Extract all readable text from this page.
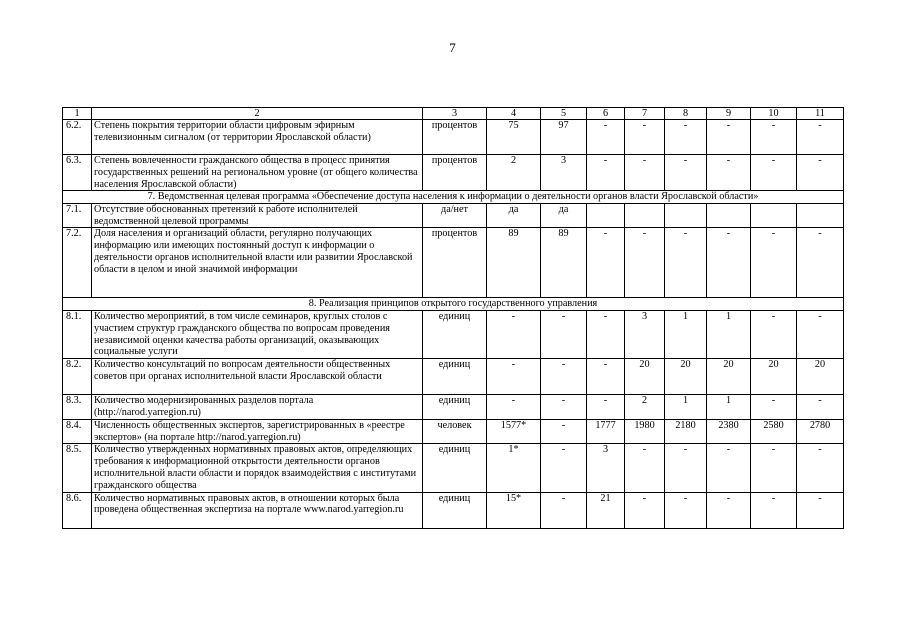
7
1	2	3	4	5	6	7	8	9	10	11
6.2.	Степень покрытия территории области цифровым эфирным телевизионным сигналом (от территории Ярославской области)	процентов	75	97	-	-	-	-	-	-
6.3.	Степень вовлеченности гражданского общества в процесс принятия государственных решений на региональном уровне (от общего количества населения Ярославской области)	процентов	2	3	-	-	-	-	-	-
7. Ведомственная целевая программа «Обеспечение доступа населения к информации о деятельности органов власти Ярославской области»										
7.1.	Отсутствие обоснованных претензий к работе исполнителей ведомственной целевой программы	да/нет	да	да						
7.2.	Доля населения и организаций области, регулярно получающих информацию или имеющих постоянный доступ к информации о деятельности органов исполнительной власти или развитии Ярославской области в целом и иной значимой информации	процентов	89	89	-	-	-	-	-	-
8. Реализация принципов открытого государственного управления										
8.1.	Количество мероприятий, в том числе семинаров, круглых столов с участием структур гражданского общества по вопросам проведения независимой оценки качества работы организаций, оказывающих социальные услуги	единиц	-	-	-	3	1	1	-	-
8.2.	Количество консультаций по вопросам деятельности общественных советов при органах исполнительной власти Ярославской области	единиц	-	-	-	20	20	20	20	20
8.3.	Количество модернизированных разделов портала (http://narod.yarregion.ru)	единиц	-	-	-	2	1	1	-	-
8.4.	Численность общественных экспертов, зарегистрированных в «реестре экспертов» (на портале http://narod.yarregion.ru)	человек	1577*	-	1777	1980	2180	2380	2580	2780
8.5.	Количество утвержденных нормативных правовых актов, определяющих требования к информационной открытости деятельности органов исполнительной власти области и порядок взаимодействия с институтами гражданского общества	единиц	1*	-	3	-	-	-	-	-
8.6.	Количество нормативных правовых актов, в отношении которых была проведена общественная экспертиза на портале www.narod.yarregion.ru	единиц	15*	-	21	-	-	-	-	-
